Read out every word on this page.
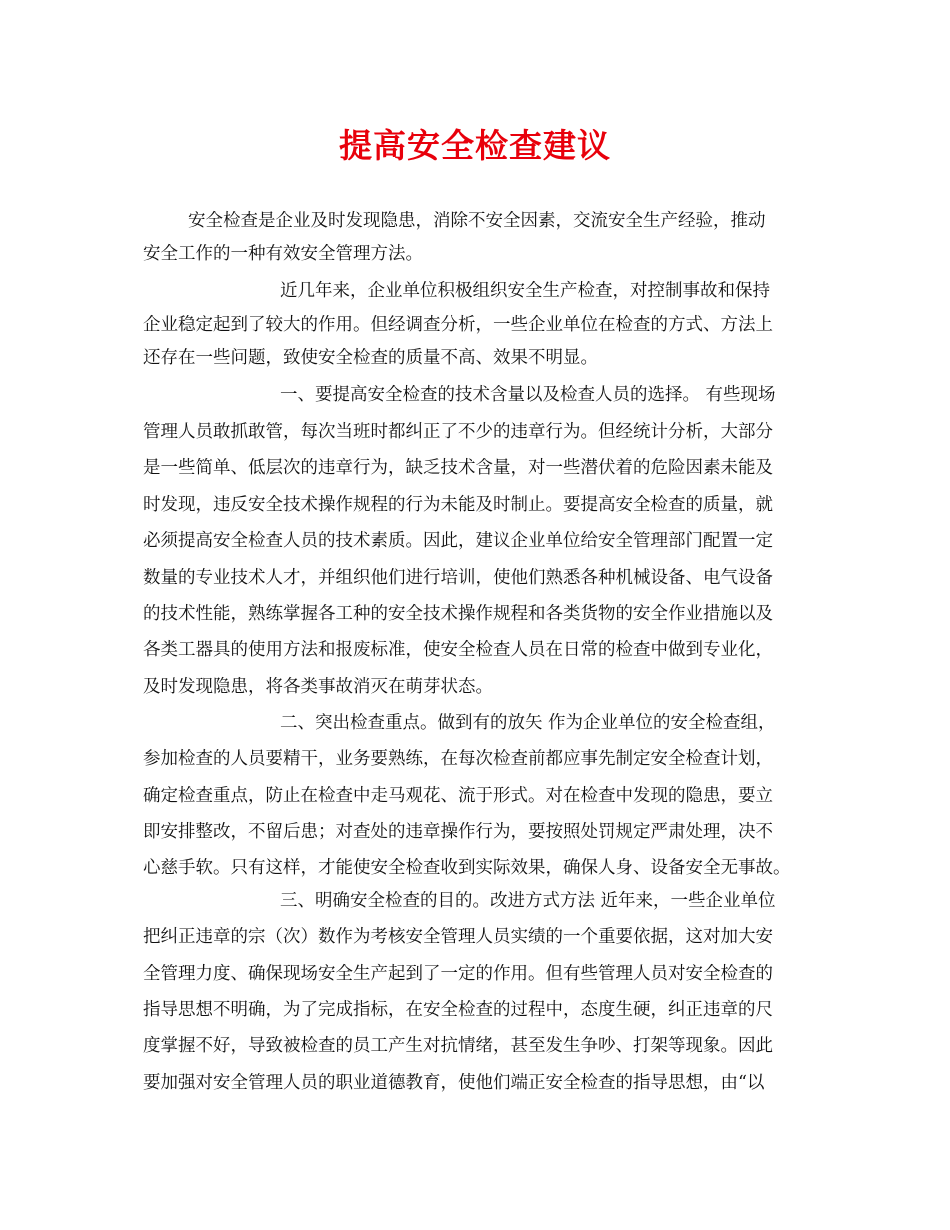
提高安全检查建议
安全检查是企业及时发现隐患，消除不安全因素，交流安全生产经验，推动
安全工作的一种有效安全管理方法。
近几年来，企业单位积极组织安全生产检查，对控制事故和保持
企业稳定起到了较大的作用。但经调查分析，一些企业单位在检查的方式、方法上
还存在一些问题，致使安全检查的质量不高、效果不明显。
一、要提高安全检查的技术含量以及检查人员的选择。 有些现场
管理人员敢抓敢管，每次当班时都纠正了不少的违章行为。但经统计分析，大部分
是一些简单、低层次的违章行为，缺乏技术含量，对一些潜伏着的危险因素未能及
时发现，违反安全技术操作规程的行为未能及时制止。要提高安全检查的质量，就
必须提高安全检查人员的技术素质。因此，建议企业单位给安全管理部门配置一定
数量的专业技术人才，并组织他们进行培训，使他们熟悉各种机械设备、电气设备
的技术性能，熟练掌握各工种的安全技术操作规程和各类货物的安全作业措施以及
各类工器具的使用方法和报废标准，使安全检查人员在日常的检查中做到专业化，
及时发现隐患，将各类事故消灭在萌芽状态。
二、突出检查重点。做到有的放矢 作为企业单位的安全检查组，
参加检查的人员要精干，业务要熟练，在每次检查前都应事先制定安全检查计划，
确定检查重点，防止在检查中走马观花、流于形式。对在检查中发现的隐患，要立
即安排整改，不留后患；对查处的违章操作行为，要按照处罚规定严肃处理，决不
心慈手软。只有这样，才能使安全检查收到实际效果，确保人身、设备安全无事故。
三、明确安全检查的目的。改进方式方法 近年来，一些企业单位
把纠正违章的宗（次）数作为考核安全管理人员实绩的一个重要依据，这对加大安
全管理力度、确保现场安全生产起到了一定的作用。但有些管理人员对安全检查的
指导思想不明确，为了完成指标，在安全检查的过程中，态度生硬，纠正违章的尺
度掌握不好，导致被检查的员工产生对抗情绪，甚至发生争吵、打架等现象。因此
要加强对安全管理人员的职业道德教育，使他们端正安全检查的指导思想，由“以
